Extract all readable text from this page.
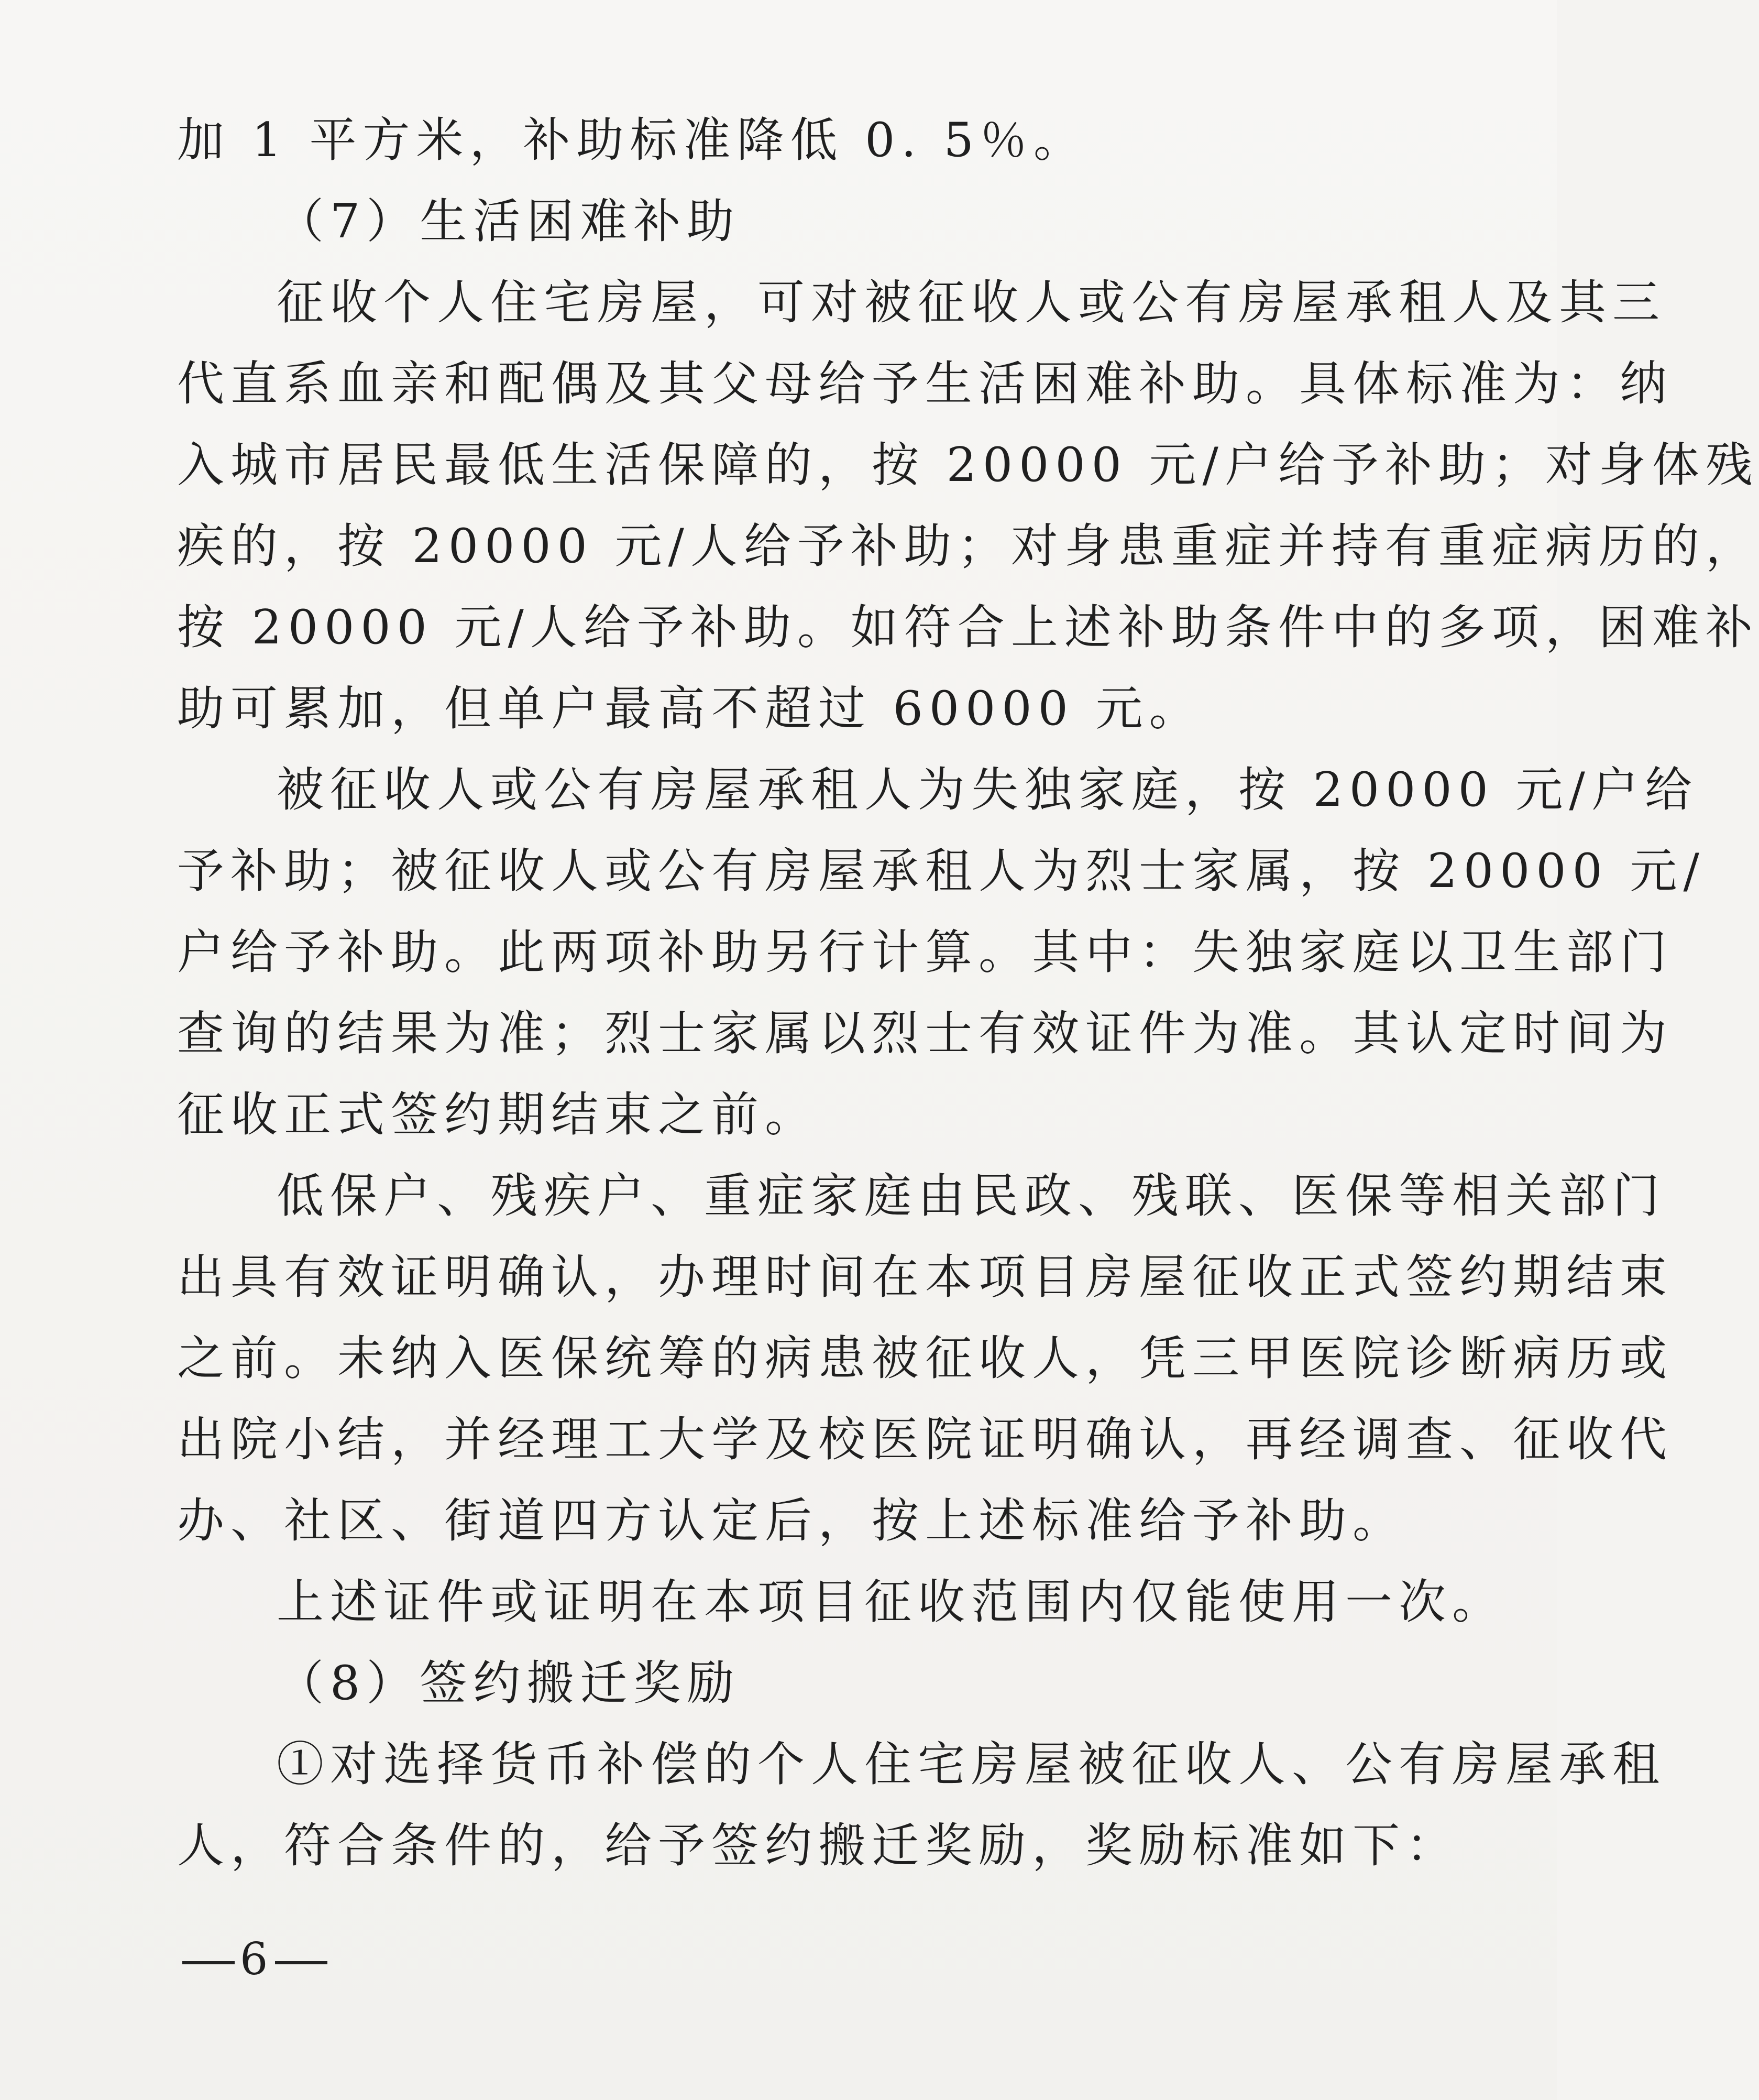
加 1 平方米，补助标准降低 0. 5％。
（7）生活困难补助
征收个人住宅房屋，可对被征收人或公有房屋承租人及其三
代直系血亲和配偶及其父母给予生活困难补助。具体标准为：纳
入城市居民最低生活保障的，按 20000 元/户给予补助；对身体残
疾的，按 20000 元/人给予补助；对身患重症并持有重症病历的，
按 20000 元/人给予补助。如符合上述补助条件中的多项，困难补
助可累加，但单户最高不超过 60000 元。
被征收人或公有房屋承租人为失独家庭，按 20000 元/户给
予补助；被征收人或公有房屋承租人为烈士家属，按 20000 元/
户给予补助。此两项补助另行计算。其中：失独家庭以卫生部门
查询的结果为准；烈士家属以烈士有效证件为准。其认定时间为
征收正式签约期结束之前。
低保户、残疾户、重症家庭由民政、残联、医保等相关部门
出具有效证明确认，办理时间在本项目房屋征收正式签约期结束
之前。未纳入医保统筹的病患被征收人，凭三甲医院诊断病历或
出院小结，并经理工大学及校医院证明确认，再经调查、征收代
办、社区、街道四方认定后，按上述标准给予补助。
上述证件或证明在本项目征收范围内仅能使用一次。
（8）签约搬迁奖励
①对选择货币补偿的个人住宅房屋被征收人、公有房屋承租
人，符合条件的，给予签约搬迁奖励，奖励标准如下：
6
